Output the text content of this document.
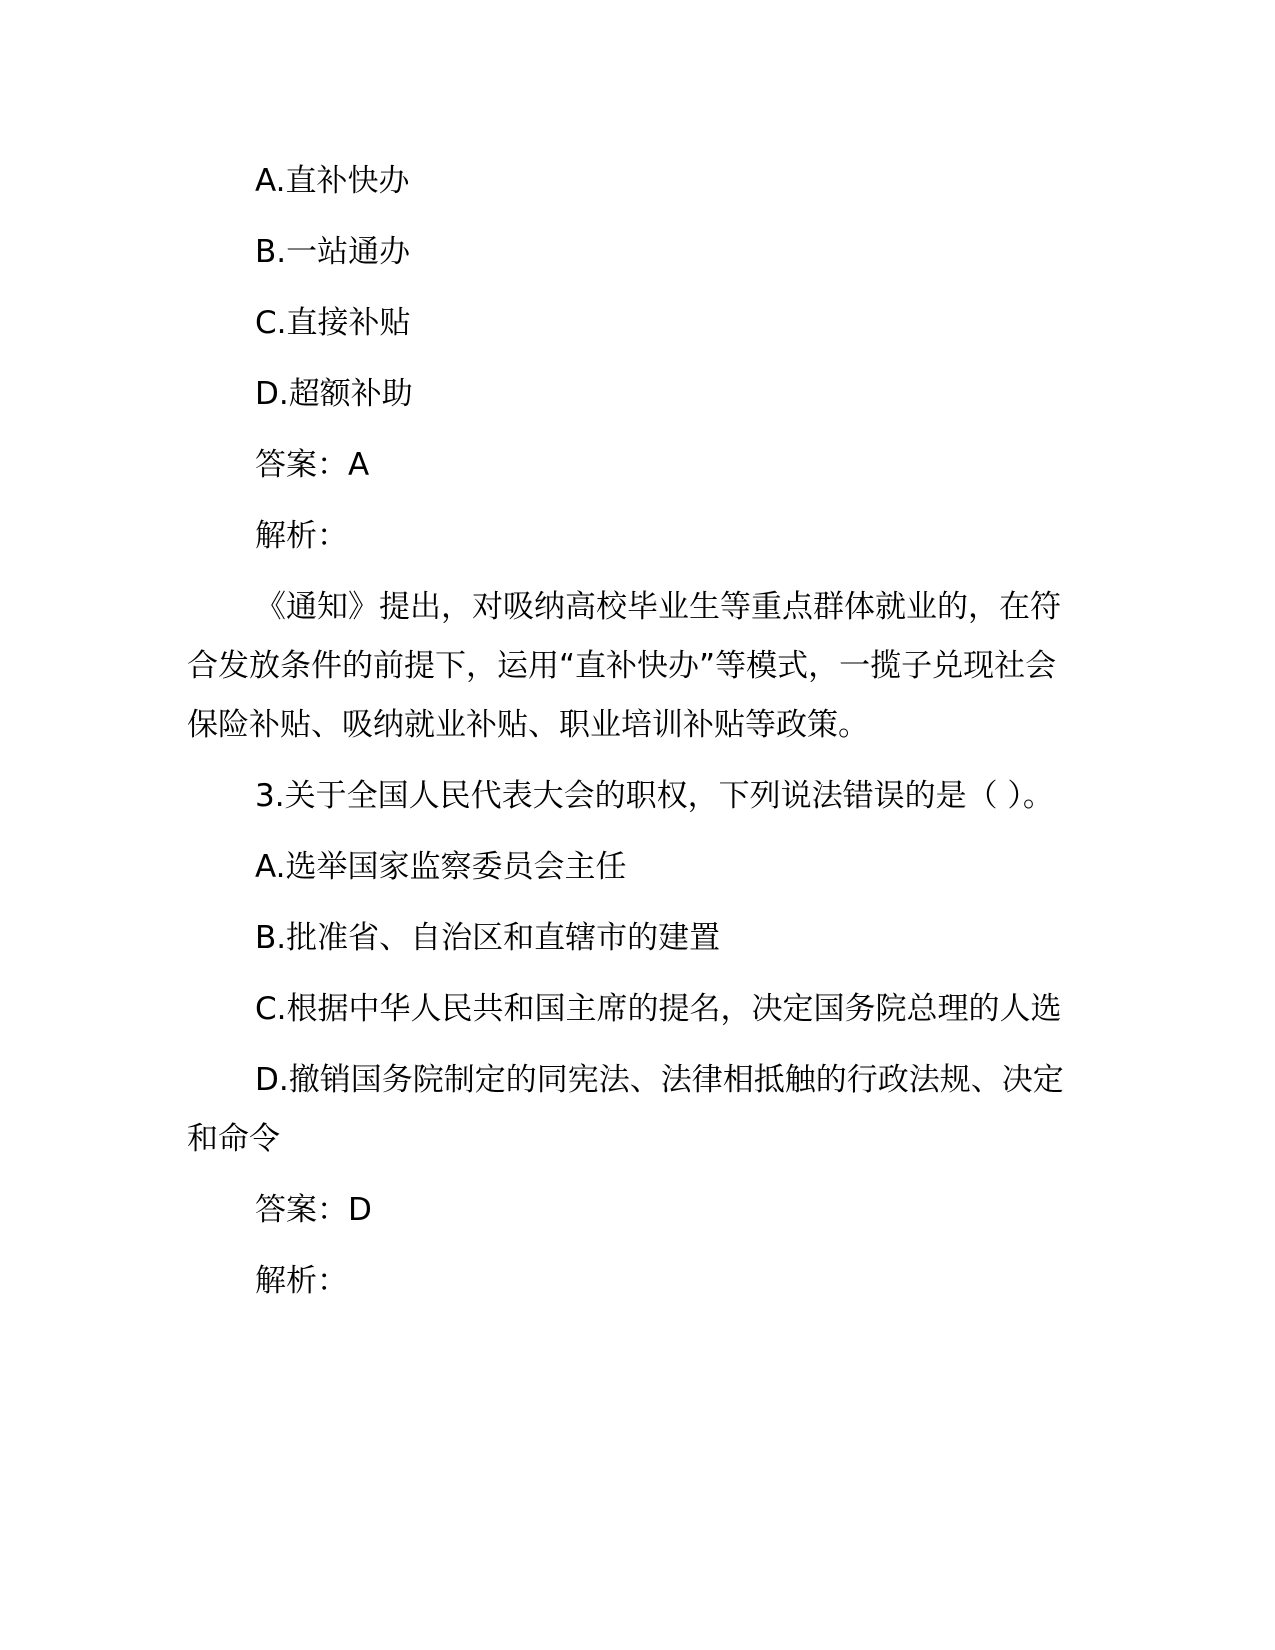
A.直补快办

B.一站通办

C.直接补贴

D.超额补助

答案：A

解析：

《通知》提出，对吸纳高校毕业生等重点群体就业的，在符合发放条件的前提下，运用“直补快办”等模式，一揽子兑现社会保险补贴、吸纳就业补贴、职业培训补贴等政策。

3.关于全国人民代表大会的职权，下列说法错误的是（ ）。

A.选举国家监察委员会主任

B.批准省、自治区和直辖市的建置

C.根据中华人民共和国主席的提名，决定国务院总理的人选

D.撤销国务院制定的同宪法、法律相抵触的行政法规、决定和命令

答案：D

解析：
